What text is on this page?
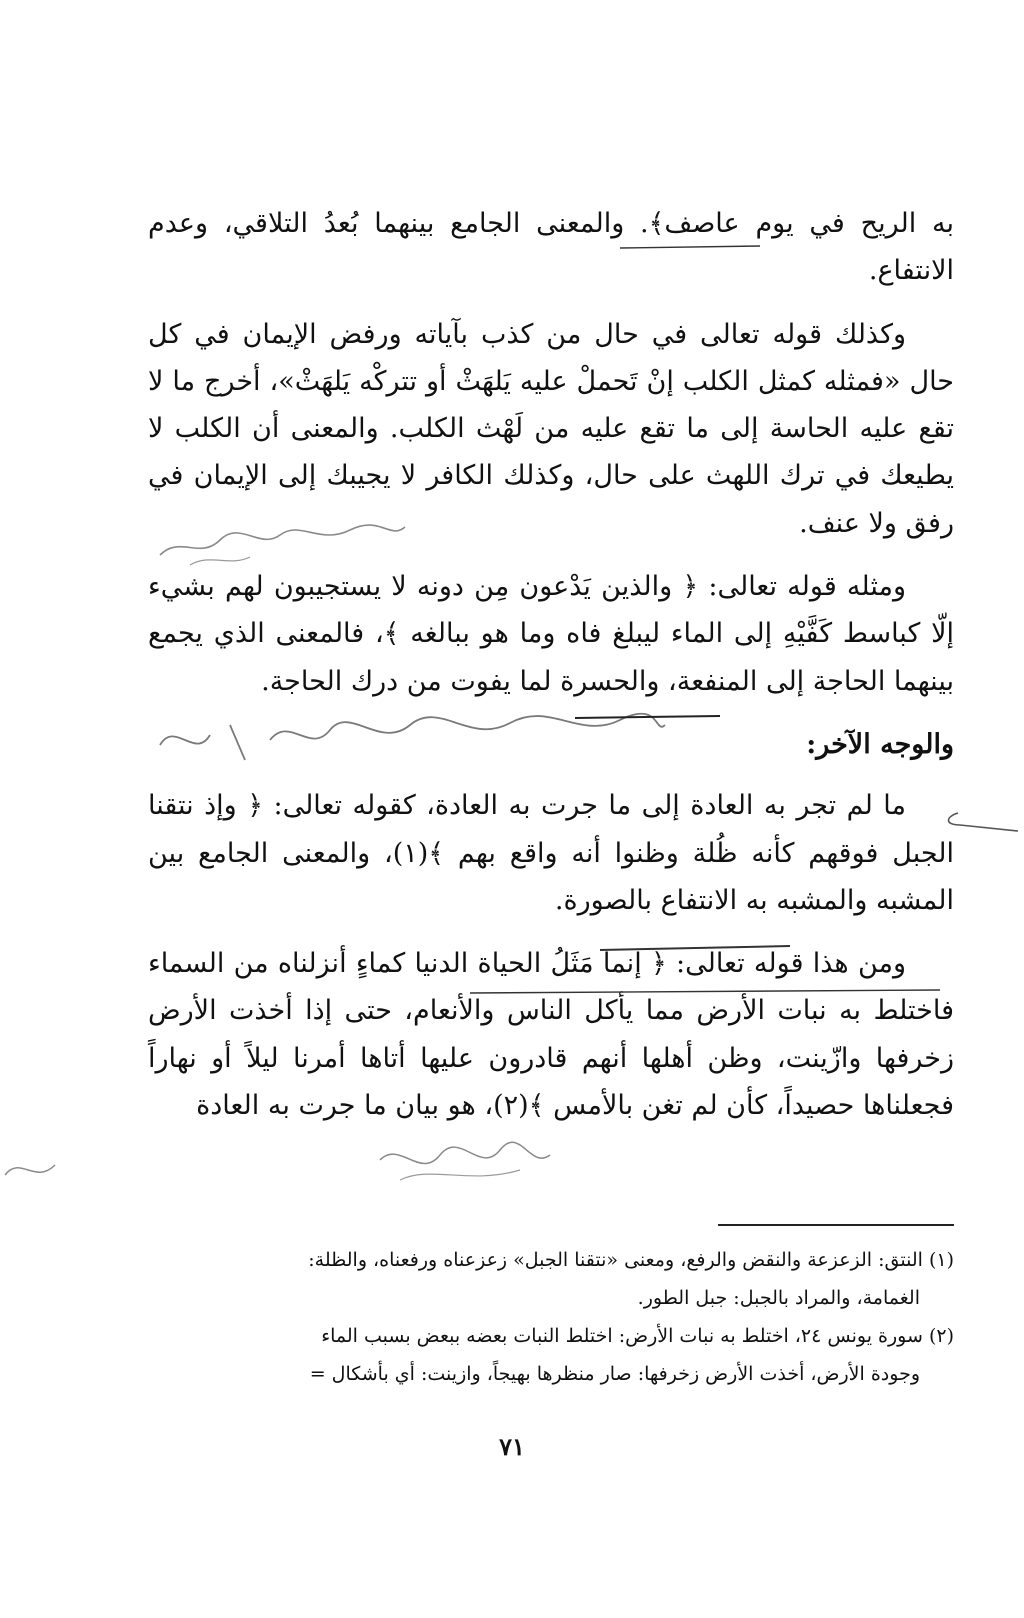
به الريح في يوم عاصف﴾. والمعنى الجامع بينهما بُعدُ التلاقي، وعدم الانتفاع.

وكذلك قوله تعالى في حال من كذب بآياته ورفض الإيمان في كل حال «فمثله كمثل الكلب إنْ تَحملْ عليه يَلهَثْ أو تتركْه يَلهَثْ»، أخرج ما لا تقع عليه الحاسة إلى ما تقع عليه من لَهْث الكلب. والمعنى أن الكلب لا يطيعك في ترك اللهث على حال، وكذلك الكافر لا يجيبك إلى الإيمان في رفق ولا عنف.

ومثله قوله تعالى: ﴿ والذين يَدْعون مِن دونه لا يستجيبون لهم بشيء إلّا كباسط كَفَّيْهِ إلى الماء ليبلغ فاه وما هو ببالغه ﴾، فالمعنى الذي يجمع بينهما الحاجة إلى المنفعة، والحسرة لما يفوت من درك الحاجة.

والوجه الآخر:

ما لم تجر به العادة إلى ما جرت به العادة، كقوله تعالى: ﴿ وإذ نتقنا الجبل فوقهم كأنه ظُلة وظنوا أنه واقع بهم ﴾(١)، والمعنى الجامع بين المشبه والمشبه به الانتفاع بالصورة.

ومن هذا قوله تعالى: ﴿ إنما مَثَلُ الحياة الدنيا كماءٍ أنزلناه من السماء فاختلط به نبات الأرض مما يأكل الناس والأنعام، حتى إذا أخذت الأرض زخرفها وازّينت، وظن أهلها أنهم قادرون عليها أتاها أمرنا ليلاً أو نهاراً فجعلناها حصيداً، كأن لم تغن بالأمس ﴾(٢)، هو بيان ما جرت به العادة

(١) النتق: الزعزعة والنقض والرفع، ومعنى «نتقنا الجبل» زعزعناه ورفعناه، والظلة:

الغمامة، والمراد بالجبل: جبل الطور.

(٢) سورة يونس ٢٤، اختلط به نبات الأرض: اختلط النبات بعضه ببعض بسبب الماء

وجودة الأرض، أخذت الأرض زخرفها: صار منظرها بهيجاً، وازينت: أي بأشكال =

٧١
